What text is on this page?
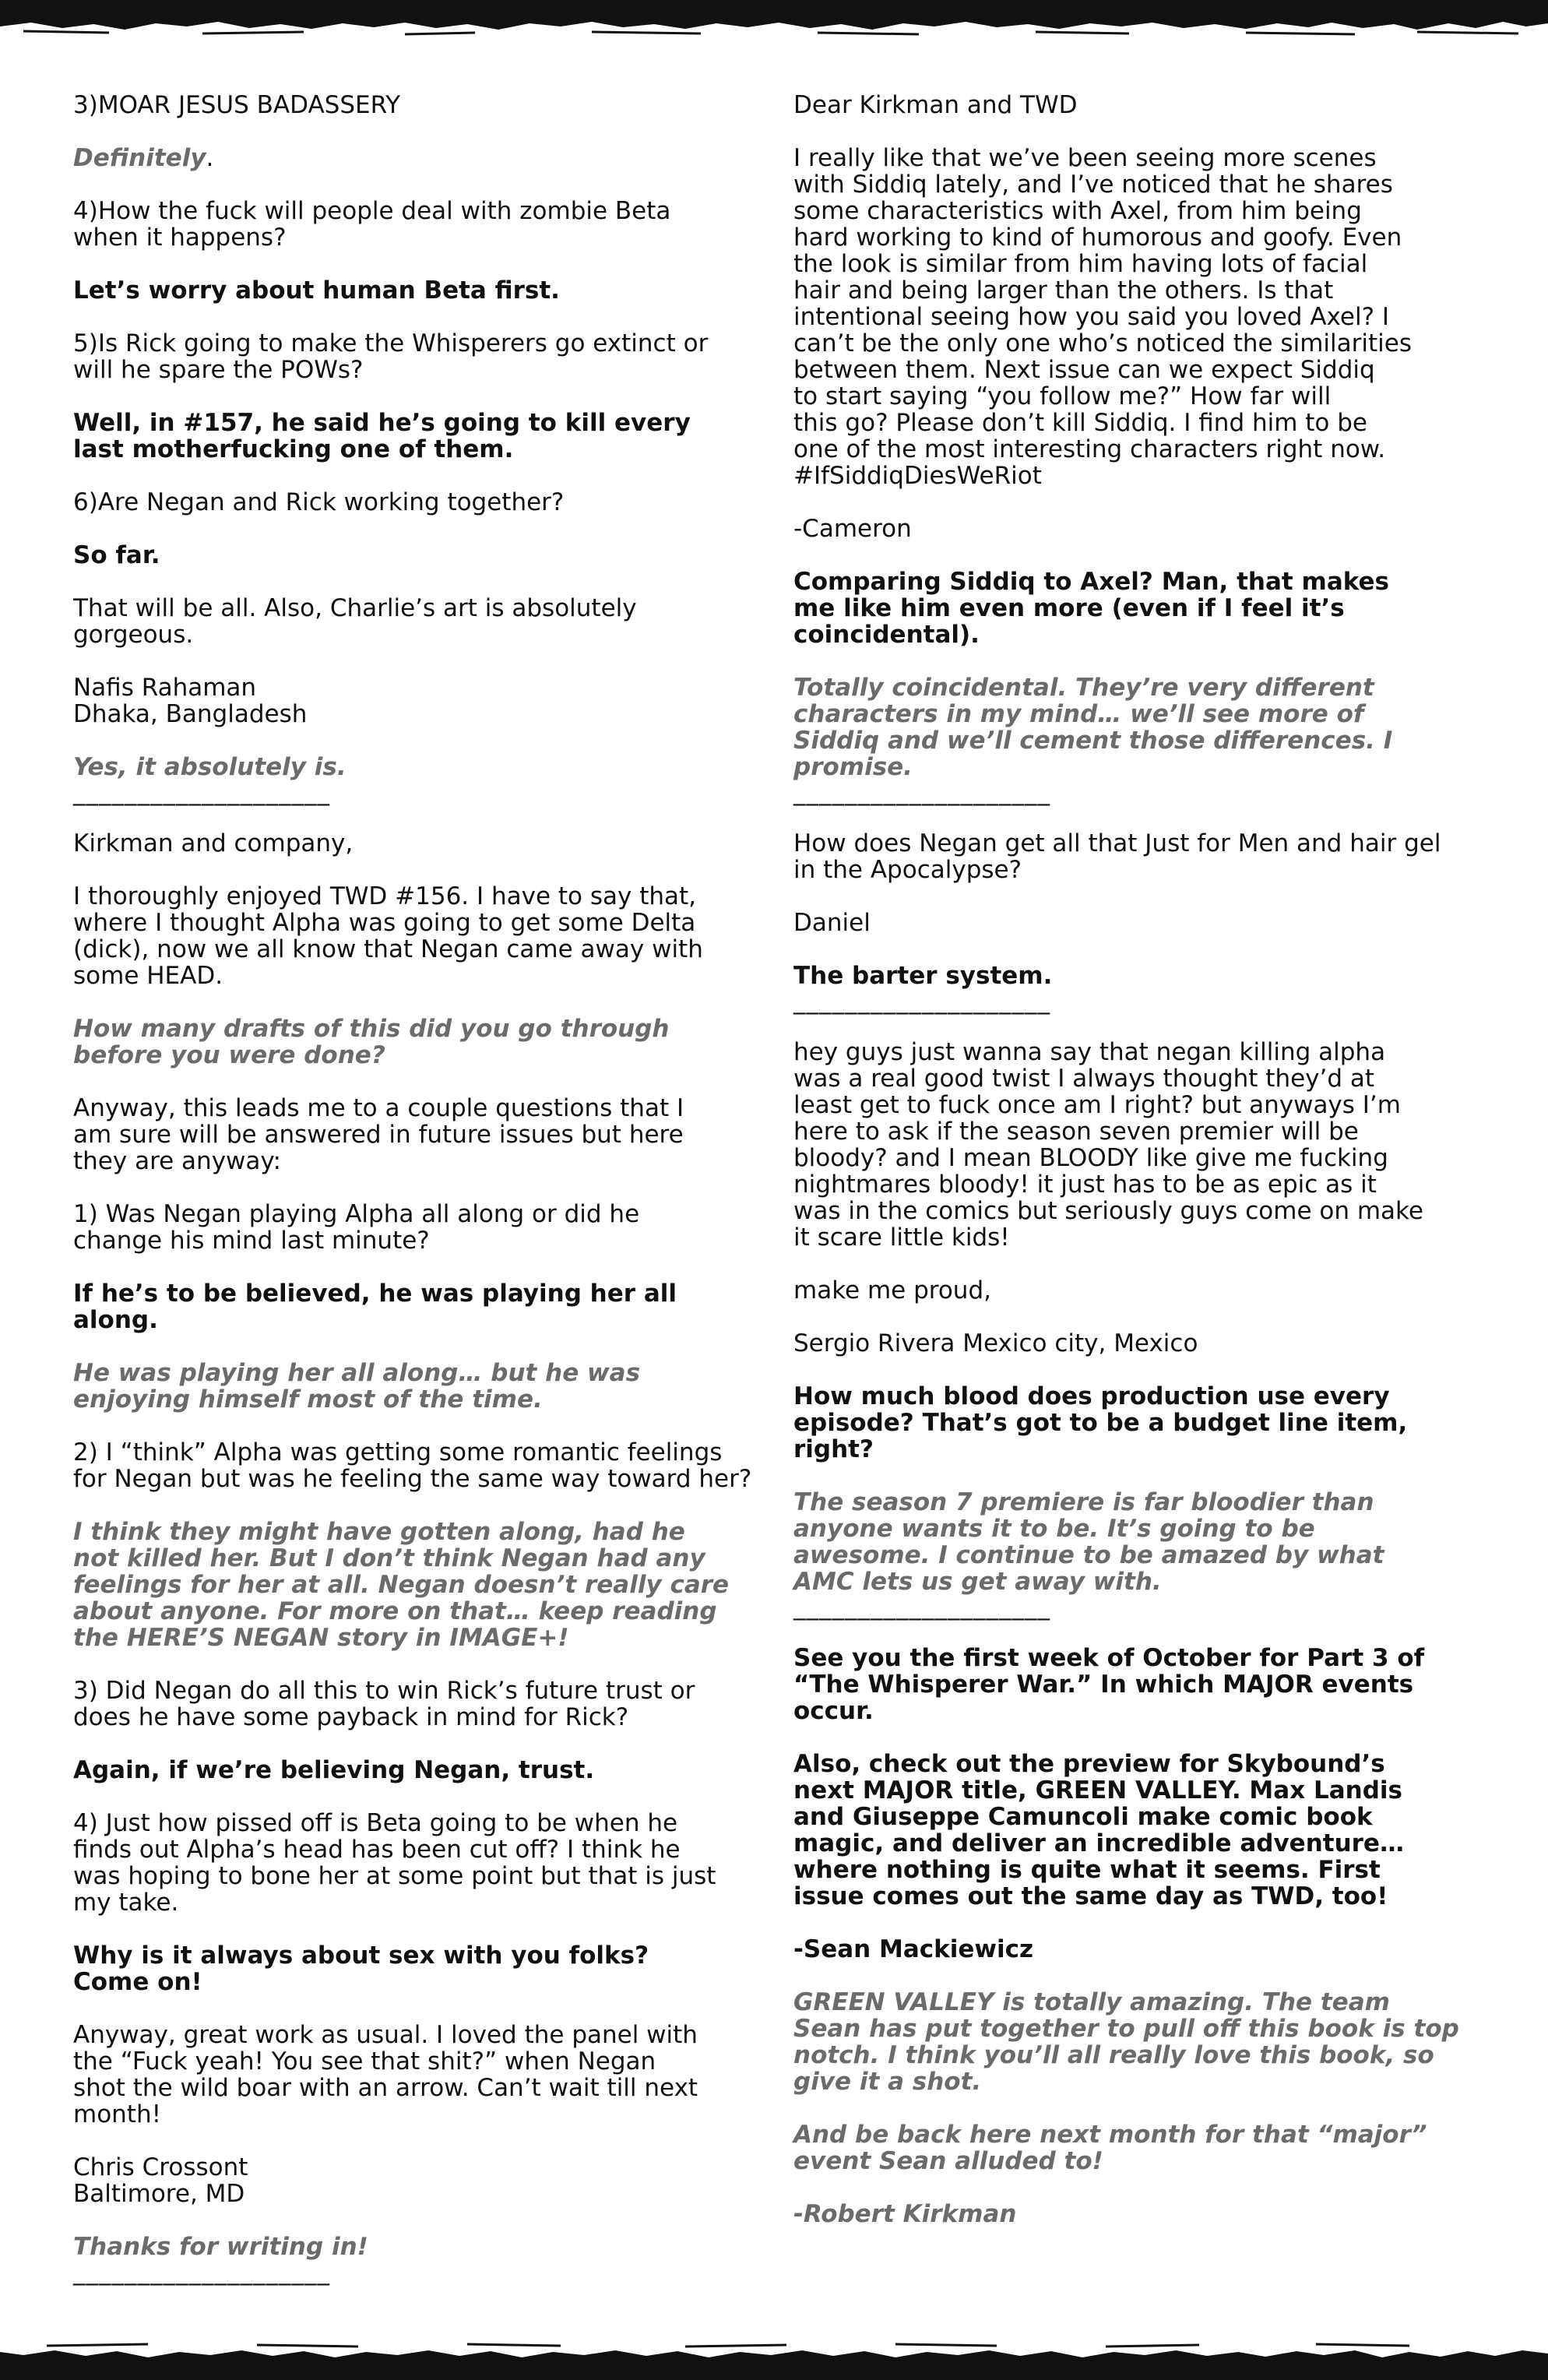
3)MOAR JESUS BADASSERY

Definitely.

4)How the fuck will people deal with zombie Beta
when it happens?

Let’s worry about human Beta first.

5)Is Rick going to make the Whisperers go extinct or
will he spare the POWs?

Well, in #157, he said he’s going to kill every
last motherfucking one of them.

6)Are Negan and Rick working together?

So far.

That will be all. Also, Charlie’s art is absolutely
gorgeous.

Nafis Rahaman
Dhaka, Bangladesh

Yes, it absolutely is.

____________________

Kirkman and company,

I thoroughly enjoyed TWD #156. I have to say that,
where I thought Alpha was going to get some Delta
(dick), now we all know that Negan came away with
some HEAD.

How many drafts of this did you go through
before you were done?

Anyway, this leads me to a couple questions that I
am sure will be answered in future issues but here
they are anyway:

1) Was Negan playing Alpha all along or did he
change his mind last minute?

If he’s to be believed, he was playing her all
along.

He was playing her all along… but he was
enjoying himself most of the time.

2) I “think” Alpha was getting some romantic feelings
for Negan but was he feeling the same way toward her?

I think they might have gotten along, had he
not killed her. But I don’t think Negan had any
feelings for her at all. Negan doesn’t really care
about anyone. For more on that… keep reading
the HERE’S NEGAN story in IMAGE+!

3) Did Negan do all this to win Rick’s future trust or
does he have some payback in mind for Rick?

Again, if we’re believing Negan, trust.

4) Just how pissed off is Beta going to be when he
finds out Alpha’s head has been cut off? I think he
was hoping to bone her at some point but that is just
my take.

Why is it always about sex with you folks?
Come on!

Anyway, great work as usual. I loved the panel with
the “Fuck yeah! You see that shit?” when Negan
shot the wild boar with an arrow. Can’t wait till next
month!

Chris Crossont
Baltimore, MD

Thanks for writing in!

____________________

Dear Kirkman and TWD

I really like that we’ve been seeing more scenes
with Siddiq lately, and I’ve noticed that he shares
some characteristics with Axel, from him being
hard working to kind of humorous and goofy. Even
the look is similar from him having lots of facial
hair and being larger than the others. Is that
intentional seeing how you said you loved Axel? I
can’t be the only one who’s noticed the similarities
between them. Next issue can we expect Siddiq
to start saying “you follow me?” How far will
this go? Please don’t kill Siddiq. I find him to be
one of the most interesting characters right now.
#IfSiddiqDiesWeRiot

-Cameron

Comparing Siddiq to Axel? Man, that makes
me like him even more (even if I feel it’s
coincidental).

Totally coincidental. They’re very different
characters in my mind… we’ll see more of
Siddiq and we’ll cement those differences. I
promise.

____________________

How does Negan get all that Just for Men and hair gel
in the Apocalypse?

Daniel

The barter system.

____________________

hey guys just wanna say that negan killing alpha
was a real good twist I always thought they’d at
least get to fuck once am I right? but anyways I’m
here to ask if the season seven premier will be
bloody? and I mean BLOODY like give me fucking
nightmares bloody! it just has to be as epic as it
was in the comics but seriously guys come on make
it scare little kids!

make me proud,

Sergio Rivera Mexico city, Mexico

How much blood does production use every
episode? That’s got to be a budget line item,
right?

The season 7 premiere is far bloodier than
anyone wants it to be. It’s going to be
awesome. I continue to be amazed by what
AMC lets us get away with.

____________________

See you the first week of October for Part 3 of
“The Whisperer War.” In which MAJOR events
occur.

Also, check out the preview for Skybound’s
next MAJOR title, GREEN VALLEY. Max Landis
and Giuseppe Camuncoli make comic book
magic, and deliver an incredible adventure…
where nothing is quite what it seems. First
issue comes out the same day as TWD, too!

-Sean Mackiewicz

GREEN VALLEY is totally amazing. The team
Sean has put together to pull off this book is top
notch. I think you’ll all really love this book, so
give it a shot.

And be back here next month for that “major”
event Sean alluded to!

-Robert Kirkman
